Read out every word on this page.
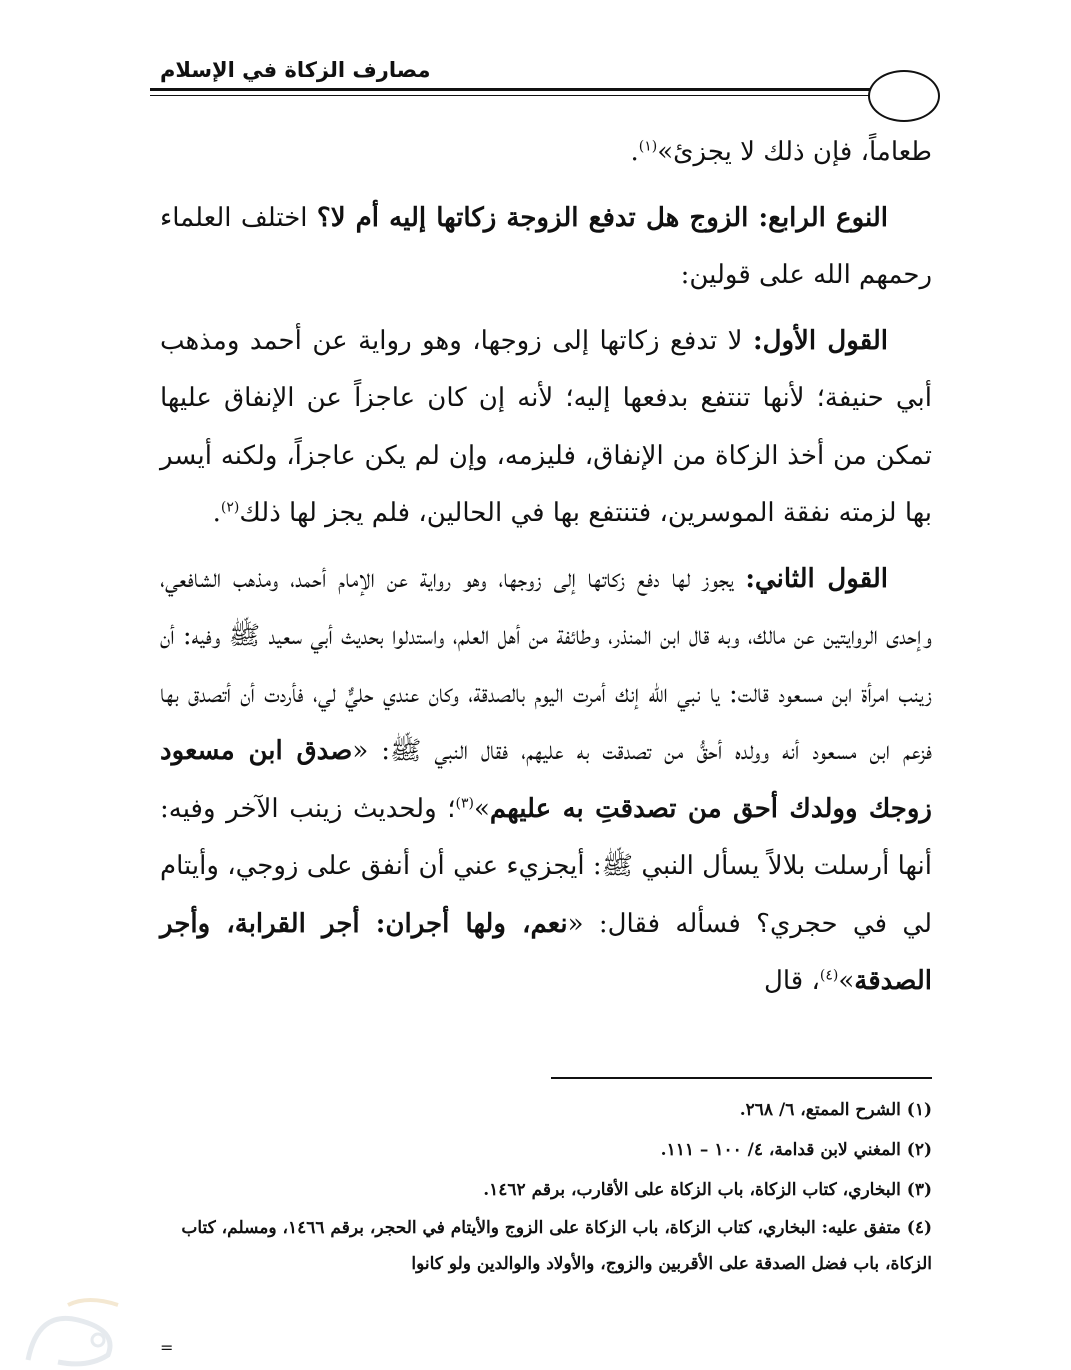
مصارف الزكاة في الإسلام

طعاماً، فإن ذلك لا يجزئ»$^{(١)}$.

النوع الرابع: الزوج هل تدفع الزوجة زكاتها إليه أم لا؟ اختلف العلماء رحمهم الله على قولين:

القول الأول: لا تدفع زكاتها إلى زوجها، وهو رواية عن أحمد ومذهب أبي حنيفة؛ لأنها تنتفع بدفعها إليه؛ لأنه إن كان عاجزاً عن الإنفاق عليها تمكن من أخذ الزكاة من الإنفاق، فليزمه، وإن لم يكن عاجزاً، ولكنه أيسر بها لزمته نفقة الموسرين، فتنتفع بها في الحالين، فلم يجز لها ذلك$^{(٢)}$.

القول الثاني: يجوز لها دفع زكاتها إلى زوجها، وهو رواية عن الإمام أحمد، ومذهب الشافعي، وإحدى الروايتين عن مالك، وبه قال ابن المنذر، وطائفة من أهل العلم، واستدلوا بحديث أبي سعيد ﷺ وفيه: أن زينب امرأة ابن مسعود قالت: يا نبي الله إنك أمرت اليوم بالصدقة، وكان عندي حليٌّ لي، فأردت أن أتصدق بها فزعم ابن مسعود أنه وولده أحقُّ من تصدقت به عليهم، فقال النبي ﷺ: «صدق ابن مسعود زوجك وولدك أحق من تصدقتِ به عليهم»$^{(٣)}$؛ ولحديث زينب الآخر وفيه: أنها أرسلت بلالاً يسأل النبي ﷺ: أيجزيء عني أن أنفق على زوجي، وأيتام لي في حجري؟ فسأله فقال: «نعم، ولها أجران: أجر القرابة، وأجر الصدقة»$^{(٤)}$، قال

(١) الشرح الممتع، ٦/ ٢٦٨.

(٢) المغني لابن قدامة، ٤/ ١٠٠ – ١١١.

(٣) البخاري، كتاب الزكاة، باب الزكاة على الأقارب، برقم ١٤٦٢.

(٤) متفق عليه: البخاري، كتاب الزكاة، باب الزكاة على الزوج والأيتام في الحجر، برقم ١٤٦٦، ومسلم، كتاب الزكاة، باب فضل الصدقة على الأقربين والزوج، والأولاد والوالدين ولو كانوا

=
